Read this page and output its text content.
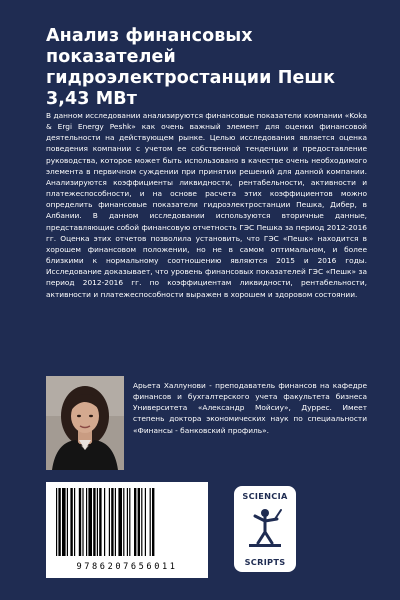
Анализ финансовых показателей гидроэлектростанции Пешк 3,43 МВт

В данном исследовании анализируются финансовые показатели компании «Koka & Ergi Energy Peshk» как очень важный элемент для оценки финансовой деятельности на действующем рынке. Целью исследования является оценка поведения компании с учетом ее собственной тенденции и предоставление руководства, которое может быть использовано в качестве очень необходимого элемента в первичном суждении при принятии решений для данной компании. Анализируются коэффициенты ликвидности, рентабельности, активности и платежеспособности, и на основе расчета этих коэффициентов можно определить финансовые показатели гидроэлектростанции Пешка, Дибер, в Албании. В данном исследовании используются вторичные данные, представляющие собой финансовую отчетность ГЭС Пешка за период 2012-2016 гг. Оценка этих отчетов позволила установить, что ГЭС «Пешк» находится в хорошем финансовом положении, но не в самом оптимальном, и более близкими к нормальному соотношению являются 2015 и 2016 годы. Исследование доказывает, что уровень финансовых показателей ГЭС «Пешк» за период 2012-2016 гг. по коэффициентам ликвидности, рентабельности, активности и платежеспособности выражен в хорошем и здоровом состоянии.

Арьета Халлунови - преподаватель финансов на кафедре финансов и бухгалтерского учета факультета бизнеса Университета «Александр Мойсиу», Дуррес. Имеет степень доктора экономических наук по специальности «Финансы - банковский профиль».

9786207656011
SCIENCIA
SCRIPTS
